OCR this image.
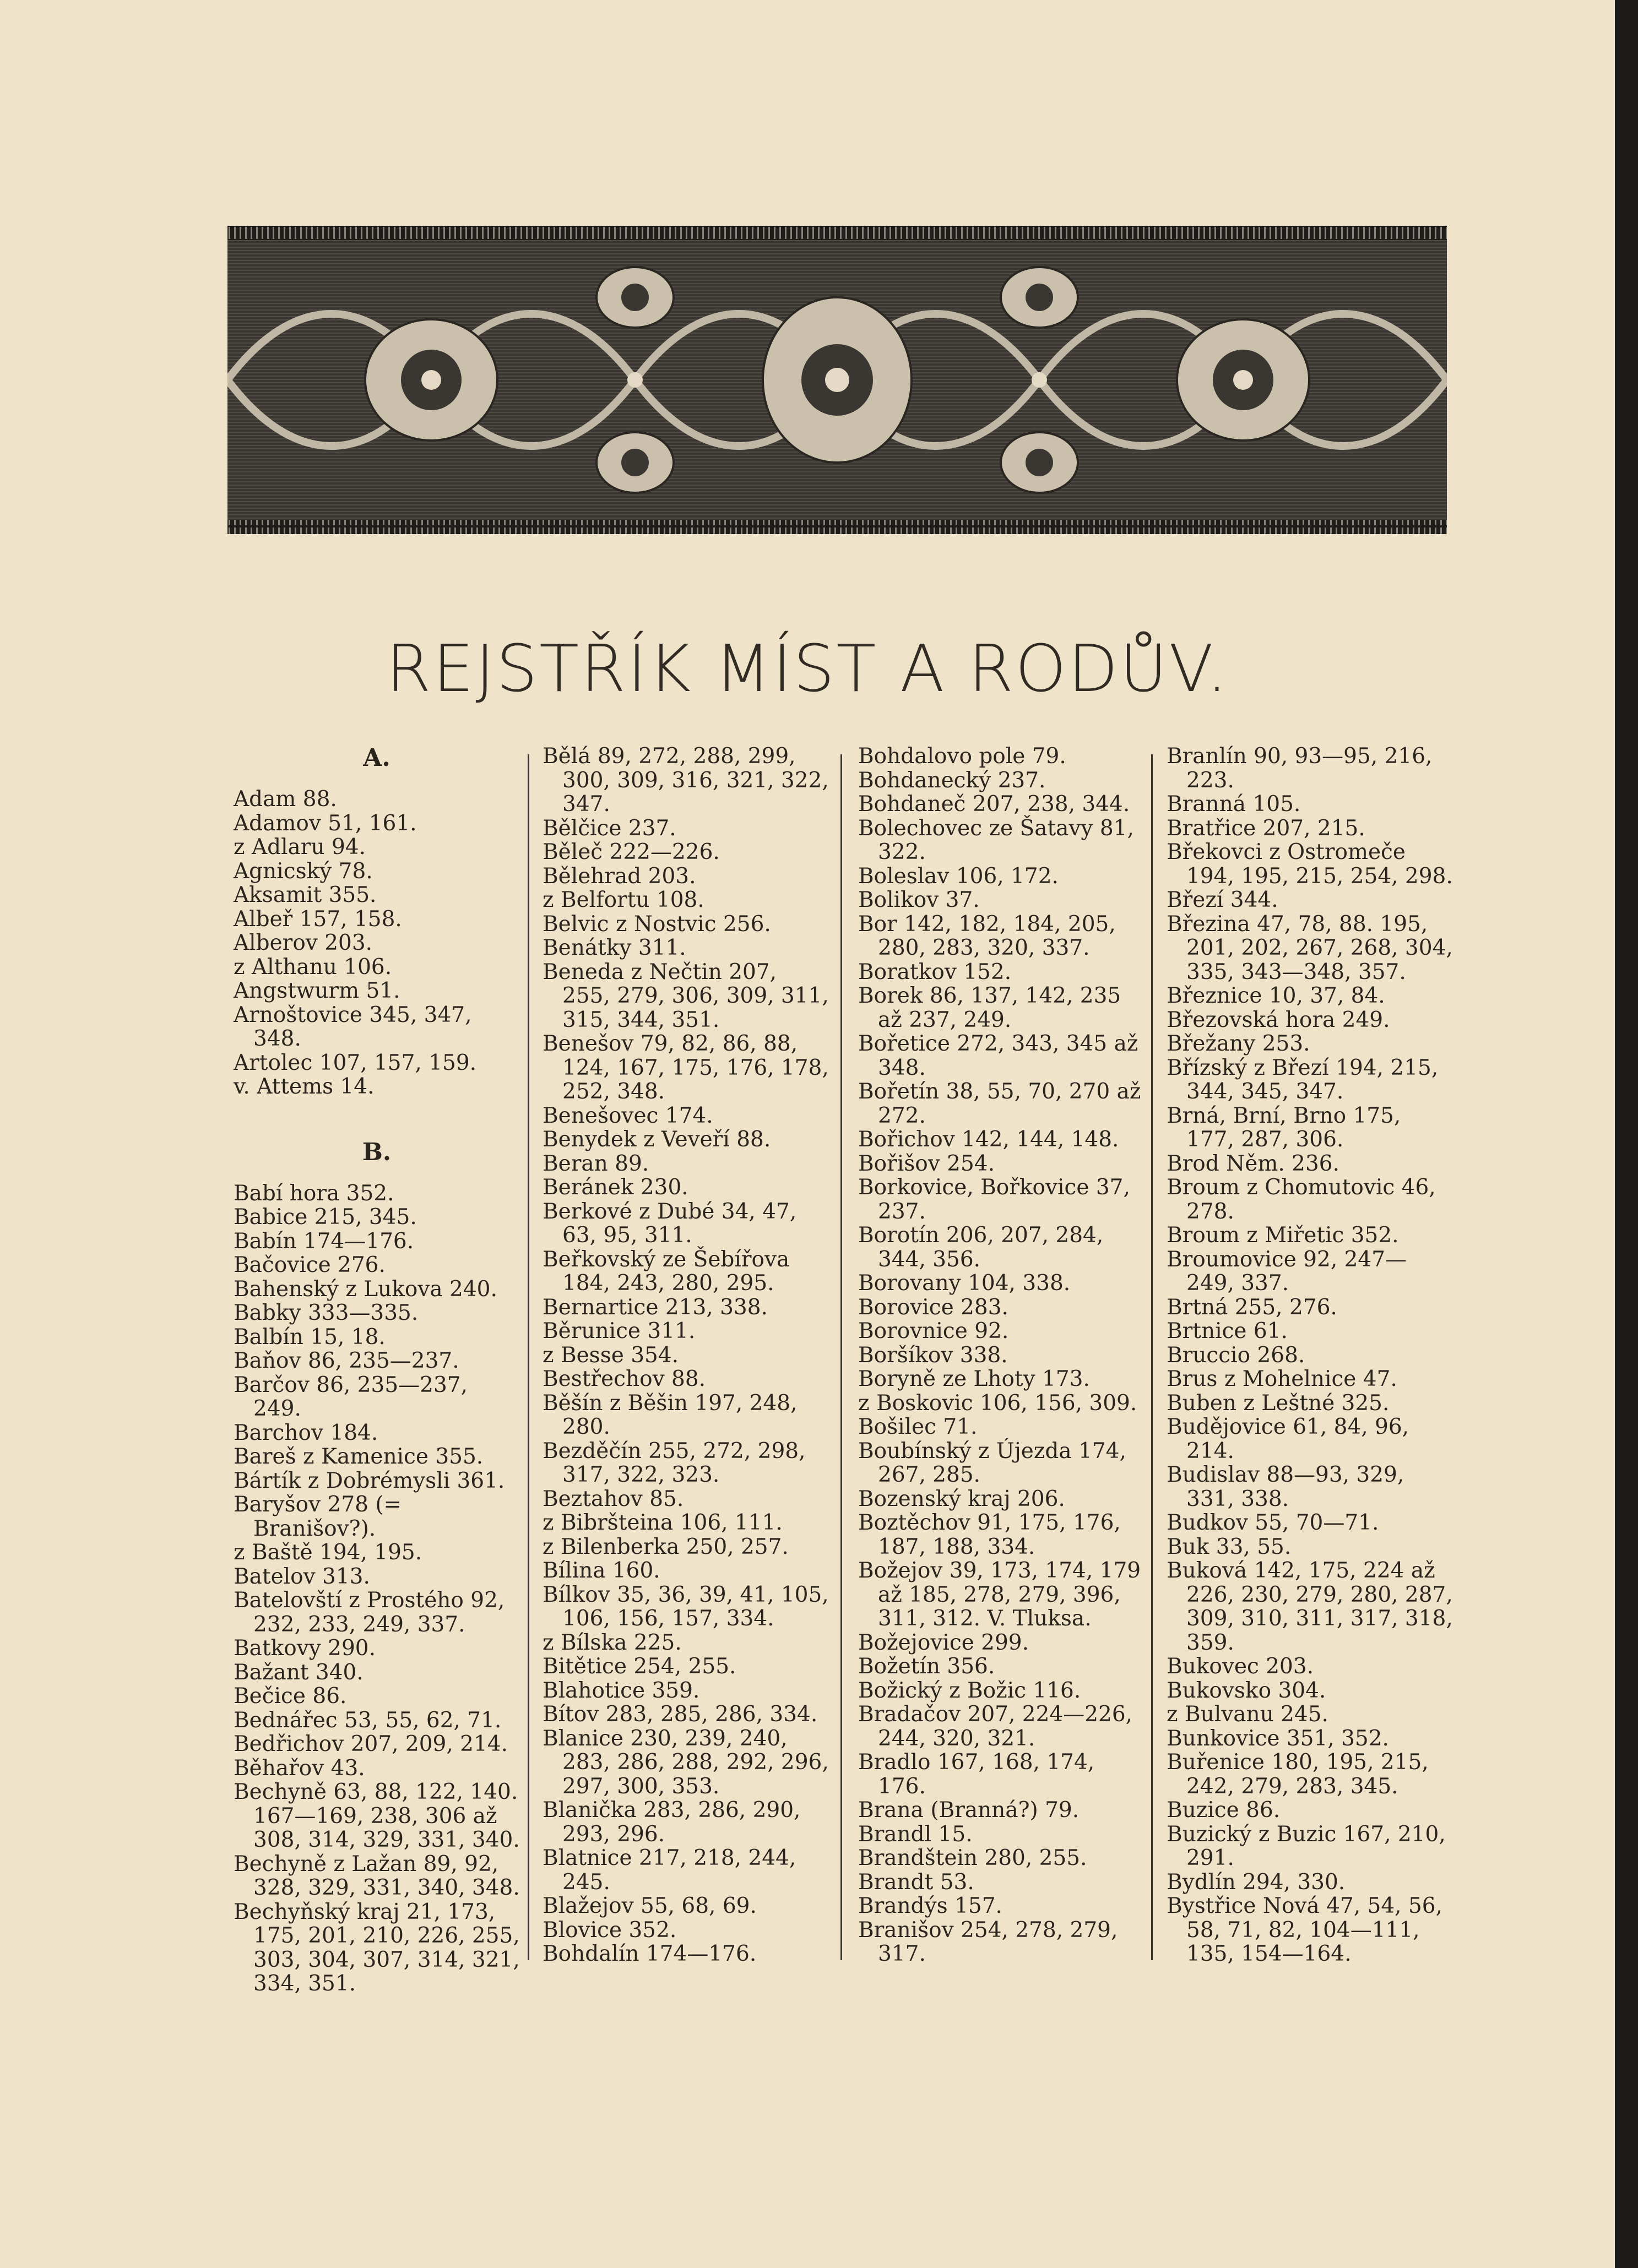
REJSTŘÍK MÍST A RODŮV.

A.

Adam 88.

Adamov 51, 161.

z Adlaru 94.

Agnicský 78.

Aksamit 355.

Albeř 157, 158.

Alberov 203.

z Althanu 106.

Angstwurm 51.

Arnoštovice 345, 347, 348.

Artolec 107, 157, 159.

v. Attems 14.

B.

Babí hora 352.

Babice 215, 345.

Babín 174—176.

Bačovice 276.

Bahenský z Lukova 240.

Babky 333—335.

Balbín 15, 18.

Baňov 86, 235—237.

Barčov 86, 235—237, 249.

Barchov 184.

Bareš z Kamenice 355.

Bártík z Dobrémysli 361.

Baryšov 278 (= Branišov?).

z Baště 194, 195.

Batelov 313.

Batelovští z Prostého 92, 232, 233, 249, 337.

Batkovy 290.

Bažant 340.

Bečice 86.

Bednářec 53, 55, 62, 71.

Bedřichov 207, 209, 214.

Běhařov 43.

Bechyně 63, 88, 122, 140. 167—169, 238, 306 až 308, 314, 329, 331, 340.

Bechyně z Lažan 89, 92, 328, 329, 331, 340, 348.

Bechyňský kraj 21, 173, 175, 201, 210, 226, 255, 303, 304, 307, 314, 321, 334, 351.

Bělá 89, 272, 288, 299, 300, 309, 316, 321, 322, 347.

Bělčice 237.

Běleč 222—226.

Bělehrad 203.

z Belfortu 108.

Belvic z Nostvic 256.

Benátky 311.

Beneda z Nečtin 207, 255, 279, 306, 309, 311, 315, 344, 351.

Benešov 79, 82, 86, 88, 124, 167, 175, 176, 178, 252, 348.

Benešovec 174.

Benydek z Veveří 88.

Beran 89.

Beránek 230.

Berkové z Dubé 34, 47, 63, 95, 311.

Beřkovský ze Šebířova 184, 243, 280, 295.

Bernartice 213, 338.

Běrunice 311.

z Besse 354.

Bestřechov 88.

Běšín z Běšin 197, 248, 280.

Bezděčín 255, 272, 298, 317, 322, 323.

Beztahov 85.

z Bibršteina 106, 111.

z Bilenberka 250, 257.

Bílina 160.

Bílkov 35, 36, 39, 41, 105, 106, 156, 157, 334.

z Bílska 225.

Bitětice 254, 255.

Blahotice 359.

Bítov 283, 285, 286, 334.

Blanice 230, 239, 240, 283, 286, 288, 292, 296, 297, 300, 353.

Blanička 283, 286, 290, 293, 296.

Blatnice 217, 218, 244, 245.

Blažejov 55, 68, 69.

Blovice 352.

Bohdalín 174—176.

Bohdalovo pole 79.

Bohdanecký 237.

Bohdaneč 207, 238, 344.

Bolechovec ze Šatavy 81, 322.

Boleslav 106, 172.

Bolikov 37.

Bor 142, 182, 184, 205, 280, 283, 320, 337.

Boratkov 152.

Borek 86, 137, 142, 235 až 237, 249.

Bořetice 272, 343, 345 až 348.

Bořetín 38, 55, 70, 270 až 272.

Bořichov 142, 144, 148.

Bořišov 254.

Borkovice, Bořkovice 37, 237.

Borotín 206, 207, 284, 344, 356.

Borovany 104, 338.

Borovice 283.

Borovnice 92.

Boršíkov 338.

Boryně ze Lhoty 173.

z Boskovic 106, 156, 309.

Bošilec 71.

Boubínský z Újezda 174, 267, 285.

Bozenský kraj 206.

Boztěchov 91, 175, 176, 187, 188, 334.

Božejov 39, 173, 174, 179 až 185, 278, 279, 396, 311, 312. V. Tluksa.

Božejovice 299.

Božetín 356.

Božický z Božic 116.

Bradačov 207, 224—226, 244, 320, 321.

Bradlo 167, 168, 174, 176.

Brana (Branná?) 79.

Brandl 15.

Brandštein 280, 255.

Brandt 53.

Brandýs 157.

Branišov 254, 278, 279, 317.

Branlín 90, 93—95, 216, 223.

Branná 105.

Bratřice 207, 215.

Břekovci z Ostromeče 194, 195, 215, 254, 298.

Březí 344.

Březina 47, 78, 88. 195, 201, 202, 267, 268, 304, 335, 343—348, 357.

Březnice 10, 37, 84.

Březovská hora 249.

Břežany 253.

Břízský z Březí 194, 215, 344, 345, 347.

Brná, Brní, Brno 175, 177, 287, 306.

Brod Něm. 236.

Broum z Chomutovic 46, 278.

Broum z Miřetic 352.

Broumovice 92, 247—249, 337.

Brtná 255, 276.

Brtnice 61.

Bruccio 268.

Brus z Mohelnice 47.

Buben z Leštné 325.

Budějovice 61, 84, 96, 214.

Budislav 88—93, 329, 331, 338.

Budkov 55, 70—71.

Buk 33, 55.

Buková 142, 175, 224 až 226, 230, 279, 280, 287, 309, 310, 311, 317, 318, 359.

Bukovec 203.

Bukovsko 304.

z Bulvanu 245.

Bunkovice 351, 352.

Buřenice 180, 195, 215, 242, 279, 283, 345.

Buzice 86.

Buzický z Buzic 167, 210, 291.

Bydlín 294, 330.

Bystřice Nová 47, 54, 56, 58, 71, 82, 104—111, 135, 154—164.
